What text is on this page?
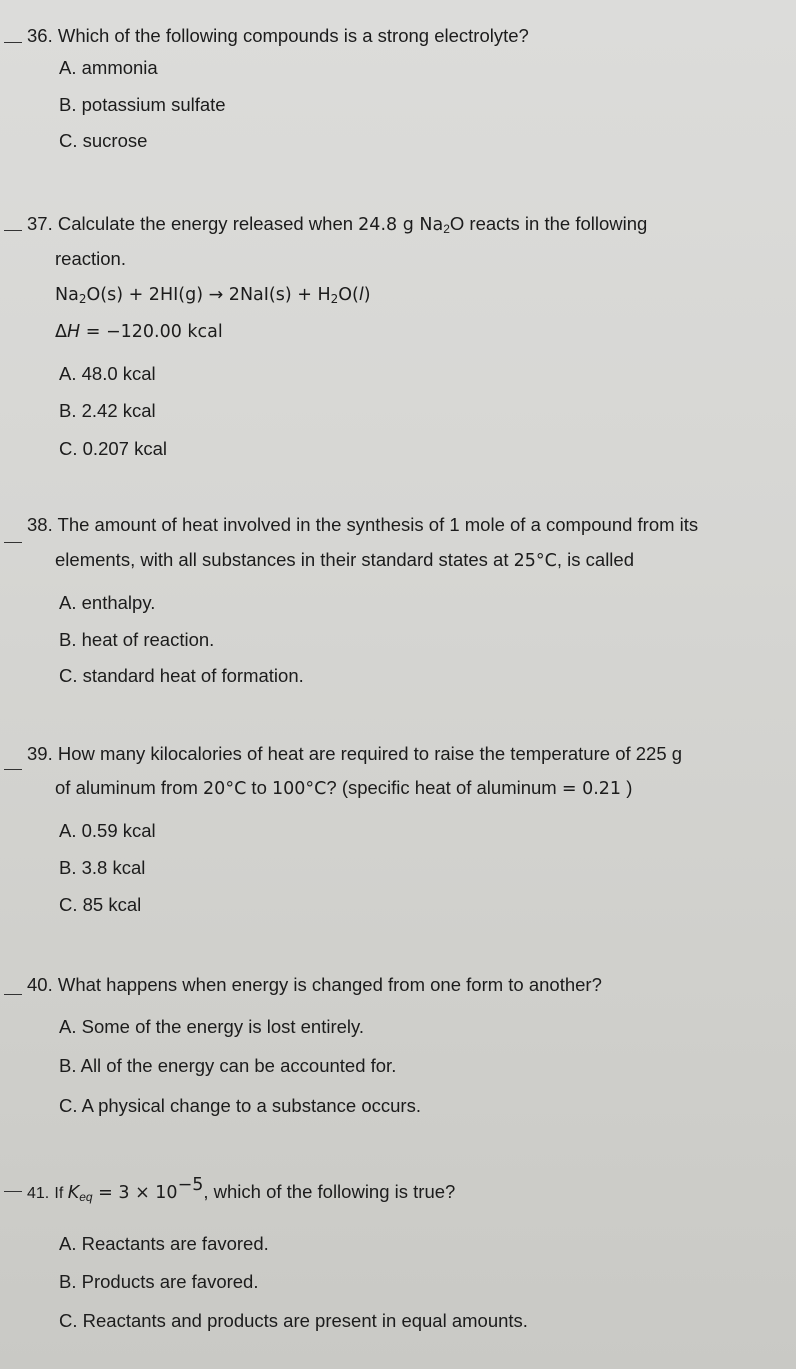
36. Which of the following compounds is a strong electrolyte?

A. ammonia
B. potassium sulfate
C. sucrose

37. Calculate the energy released when 24.8 g $Na_2O$ reacts in the following

reaction.
$Na_2O(s) + 2HI(g) \to 2NaI(s) + H_2O(l)$
ΔH = −120.00 kcal
A. 48.0 kcal
B. 2.42 kcal
C. 0.207 kcal

38. The amount of heat involved in the synthesis of 1 mole of a compound from its

elements, with all substances in their standard states at 25°C, is called
A. enthalpy.
B. heat of reaction.
C. standard heat of formation.

39. How many kilocalories of heat are required to raise the temperature of 225 g

of aluminum from 20°C to 100°C? (specific heat of aluminum = 0.21 )
A. 0.59 kcal
B. 3.8 kcal
C. 85 kcal

40. What happens when energy is changed from one form to another?

A. Some of the energy is lost entirely.
B. All of the energy can be accounted for.
C. A physical change to a substance occurs.

41. If $K_{eq} = 3 \times 10^{-5}$, which of the following is true?

A. Reactants are favored.
B. Products are favored.
C. Reactants and products are present in equal amounts.
